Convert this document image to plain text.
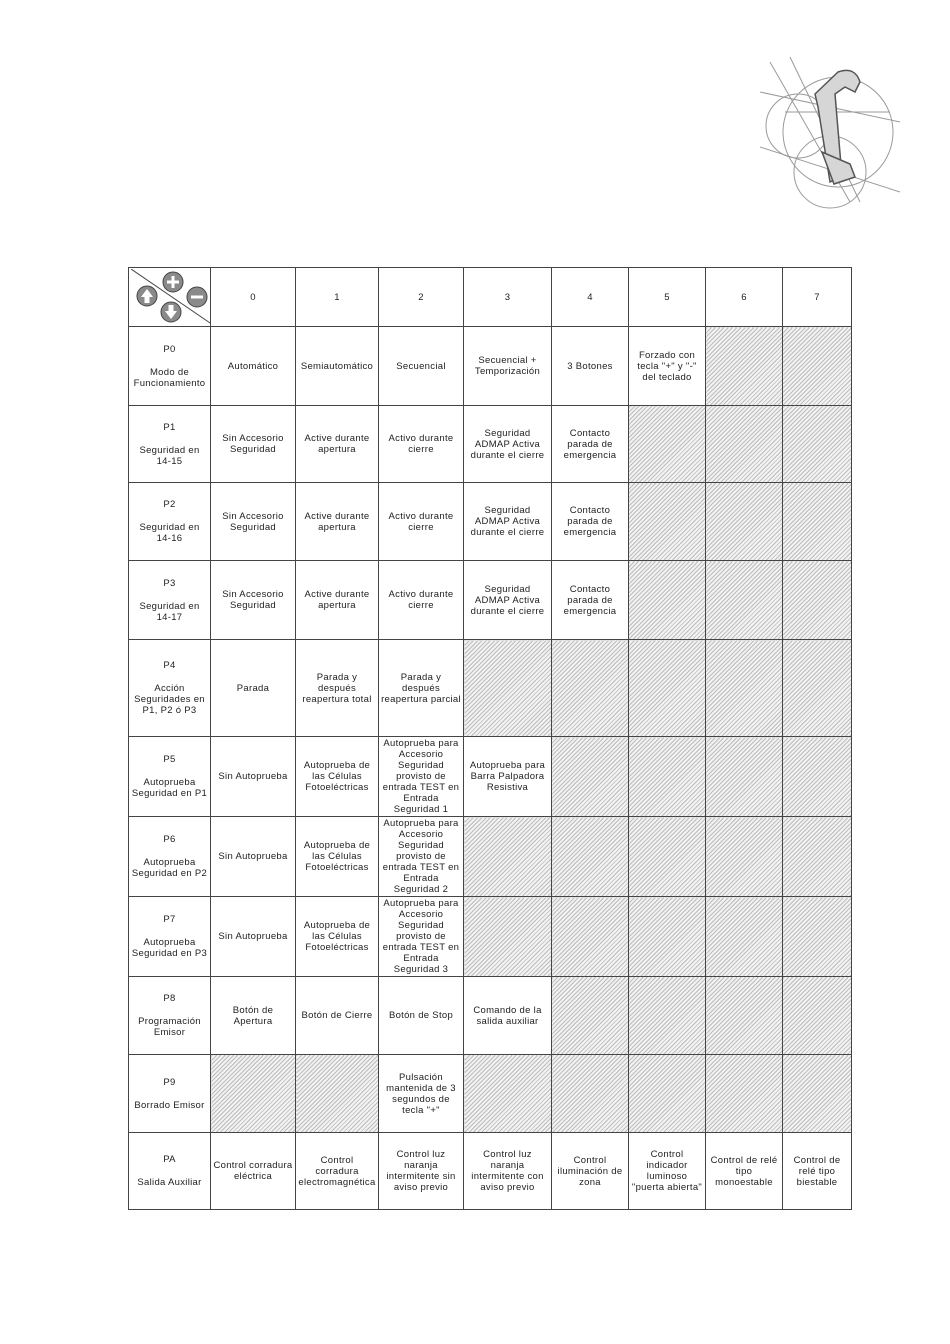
	0	1	2	3	4	5	6	7

P0
Modo de Funcionamiento	Automático	Semiautomático	Secuencial	Secuencial + Temporización	3 Botones	Forzado con tecla "+" y "-" del teclado		

P1
Seguridad en 14-15	Sin Accesorio Seguridad	Active durante apertura	Activo durante cierre	Seguridad ADMAP Activa durante el cierre	Contacto parada de emergencia			

P2
Seguridad en 14-16	Sin Accesorio Seguridad	Active durante apertura	Activo durante cierre	Seguridad ADMAP Activa durante el cierre	Contacto parada de emergencia			

P3
Seguridad en 14-17	Sin Accesorio Seguridad	Active durante apertura	Activo durante cierre	Seguridad ADMAP Activa durante el cierre	Contacto parada de emergencia			

P4
Acción Seguridades en P1, P2 ó P3	Parada	Parada y después reapertura total	Parada y después reapertura parcial					

P5
Autoprueba Seguridad en P1	Sin Autoprueba	Autoprueba de las Células Fotoeléctricas	Autoprueba para Accesorio Seguridad provisto de entrada TEST en Entrada Seguridad 1	Autoprueba para Barra Palpadora Resistiva				

P6
Autoprueba Seguridad en P2	Sin Autoprueba	Autoprueba de las Células Fotoeléctricas	Autoprueba para Accesorio Seguridad provisto de entrada TEST en Entrada Seguridad 2					

P7
Autoprueba Seguridad en P3	Sin Autoprueba	Autoprueba de las Células Fotoeléctricas	Autoprueba para Accesorio Seguridad provisto de entrada TEST en Entrada Seguridad 3					

P8
Programación Emisor	Botón de Apertura	Botón de Cierre	Botón de Stop	Comando de la salida auxiliar				

P9
Borrado Emisor			Pulsación mantenida de 3 segundos de tecla "+"					

PA
Salida Auxiliar	Control corradura eléctrica	Control corradura electromagnética	Control luz naranja intermitente sin aviso previo	Control luz naranja intermitente con aviso previo	Control iluminación de zona	Control indicador luminoso "puerta abierta"	Control de relé tipo monoestable	Control de relé tipo biestable
